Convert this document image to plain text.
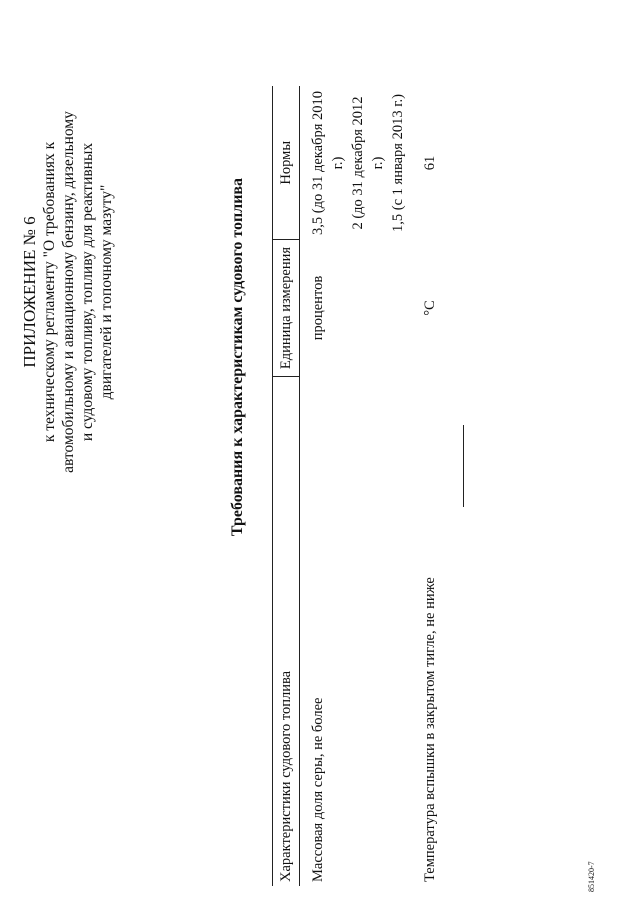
ПРИЛОЖЕНИЕ № 6 к техническому регламенту "О требованиях к автомобильному и авиационному бензину, дизельному и судовому топливу, топливу для реактивных двигателей и топочному мазуту"	Требования к характеристикам судового топлива
Характеристики судового топлива	Единица измерения	Нормы
Массовая доля серы, не более	процентов	3,5 (до 31 декабря 2010 г.) 2 (до 31 декабря 2012 г.) 1,5 (с 1 января 2013 г.)

Температура вспышки в закрытом тигле, не ниже	°C	61
851420-7
